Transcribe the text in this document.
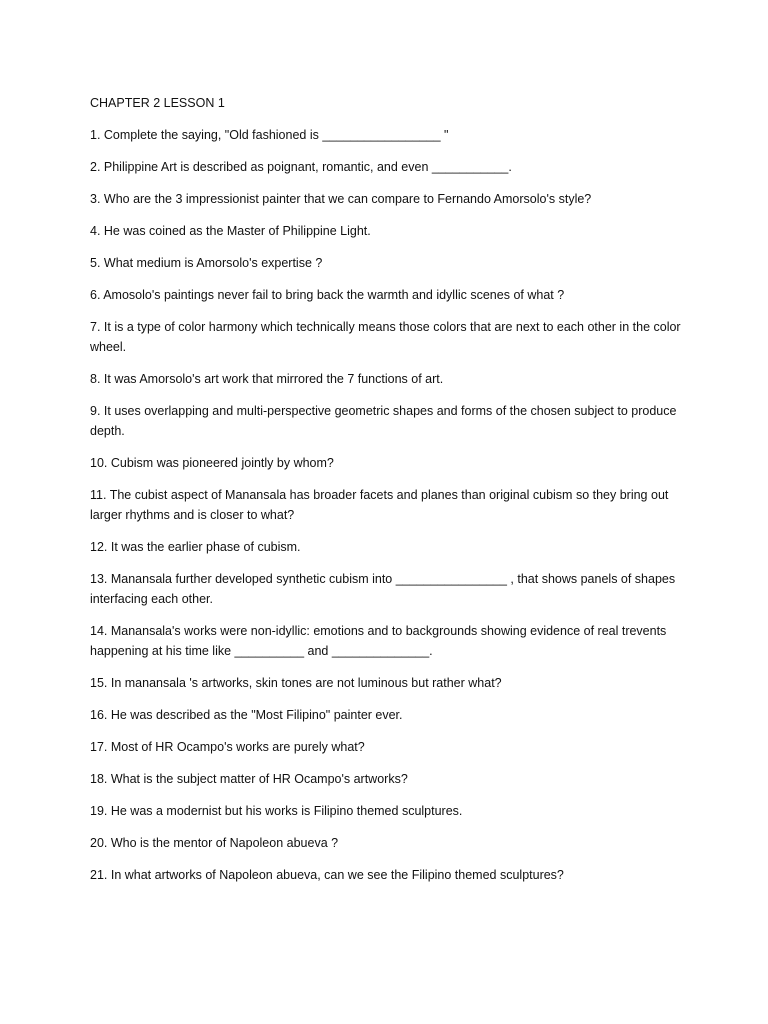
CHAPTER 2 LESSON 1
1. Complete the saying, "Old fashioned is _________________ "
2. Philippine Art is described as poignant, romantic, and even ___________.
3. Who are the 3 impressionist painter that we can compare to Fernando Amorsolo's style?
4. He was coined as the Master of Philippine Light.
5. What medium is Amorsolo's expertise ?
6. Amosolo's paintings never fail to bring back the warmth and idyllic scenes of what ?
7. It is a type of color harmony which technically means those colors that are next to each other in the color wheel.
8. It was Amorsolo's art work that mirrored the 7 functions of art.
9. It uses overlapping and multi-perspective geometric shapes and forms of the chosen subject to produce depth.
10. Cubism was pioneered jointly by whom?
11. The cubist aspect of Manansala has broader facets and planes than original cubism so they bring out larger rhythms and is closer to what?
12. It was the earlier phase of cubism.
13. Manansala further developed synthetic cubism into ________________ , that shows panels of shapes interfacing each other.
14. Manansala's works were non-idyllic: emotions and to backgrounds showing evidence of real trevents happening at his time like __________ and ______________.
15. In manansala 's artworks, skin tones are not luminous but rather what?
16. He was described as the "Most Filipino" painter ever.
17. Most of HR Ocampo's works are purely what?
18. What is the subject matter of HR Ocampo's artworks?
19. He was a modernist but his works is Filipino themed sculptures.
20. Who is the mentor of Napoleon abueva ?
21. In what artworks of Napoleon abueva, can we see the Filipino themed sculptures?
